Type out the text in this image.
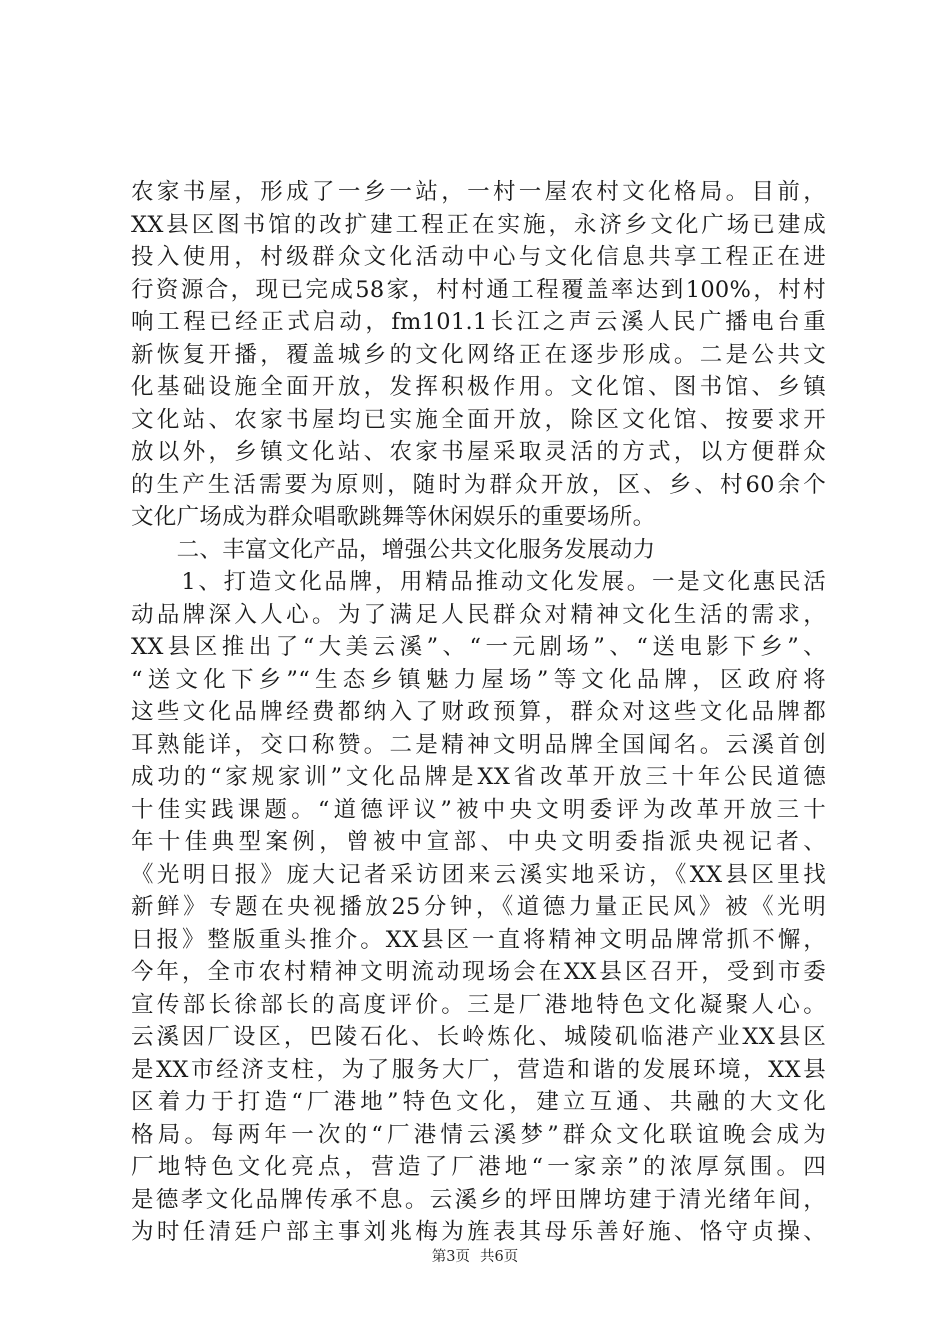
农家书屋，形成了一乡一站，一村一屋农村文化格局。目前，
XX县区图书馆的改扩建工程正在实施，永济乡文化广场已建成
投入使用，村级群众文化活动中心与文化信息共享工程正在进
行资源合，现已完成58家，村村通工程覆盖率达到100%，村村
响工程已经正式启动，fm101.1长江之声云溪人民广播电台重
新恢复开播，覆盖城乡的文化网络正在逐步形成。二是公共文
化基础设施全面开放，发挥积极作用。文化馆、图书馆、乡镇
文化站、农家书屋均已实施全面开放，除区文化馆、按要求开
放以外，乡镇文化站、农家书屋采取灵活的方式，以方便群众
的生产生活需要为原则，随时为群众开放，区、乡、村60余个
文化广场成为群众唱歌跳舞等休闲娱乐的重要场所。
　　二、丰富文化产品，增强公共文化服务发展动力
　　1、打造文化品牌，用精品推动文化发展。一是文化惠民活
动品牌深入人心。为了满足人民群众对精神文化生活的需求，
XX县区推出了“大美云溪”、“一元剧场”、“送电影下乡”、
“送文化下乡”“生态乡镇魅力屋场”等文化品牌，区政府将
这些文化品牌经费都纳入了财政预算，群众对这些文化品牌都
耳熟能详，交口称赞。二是精神文明品牌全国闻名。云溪首创
成功的“家规家训”文化品牌是XX省改革开放三十年公民道德
十佳实践课题。“道德评议”被中央文明委评为改革开放三十
年十佳典型案例，曾被中宣部、中央文明委指派央视记者、
《光明日报》庞大记者采访团来云溪实地采访，《XX县区里找
新鲜》专题在央视播放25分钟，《道德力量正民风》被《光明
日报》整版重头推介。XX县区一直将精神文明品牌常抓不懈，
今年，全市农村精神文明流动现场会在XX县区召开，受到市委
宣传部长徐部长的高度评价。三是厂港地特色文化凝聚人心。
云溪因厂设区，巴陵石化、长岭炼化、城陵矶临港产业XX县区
是XX市经济支柱，为了服务大厂，营造和谐的发展环境，XX县
区着力于打造“厂港地”特色文化，建立互通、共融的大文化
格局。每两年一次的“厂港情云溪梦”群众文化联谊晚会成为
厂地特色文化亮点，营造了厂港地“一家亲”的浓厚氛围。四
是德孝文化品牌传承不息。云溪乡的坪田牌坊建于清光绪年间，
为时任清廷户部主事刘兆梅为旌表其母乐善好施、恪守贞操、
第3页 共6页
